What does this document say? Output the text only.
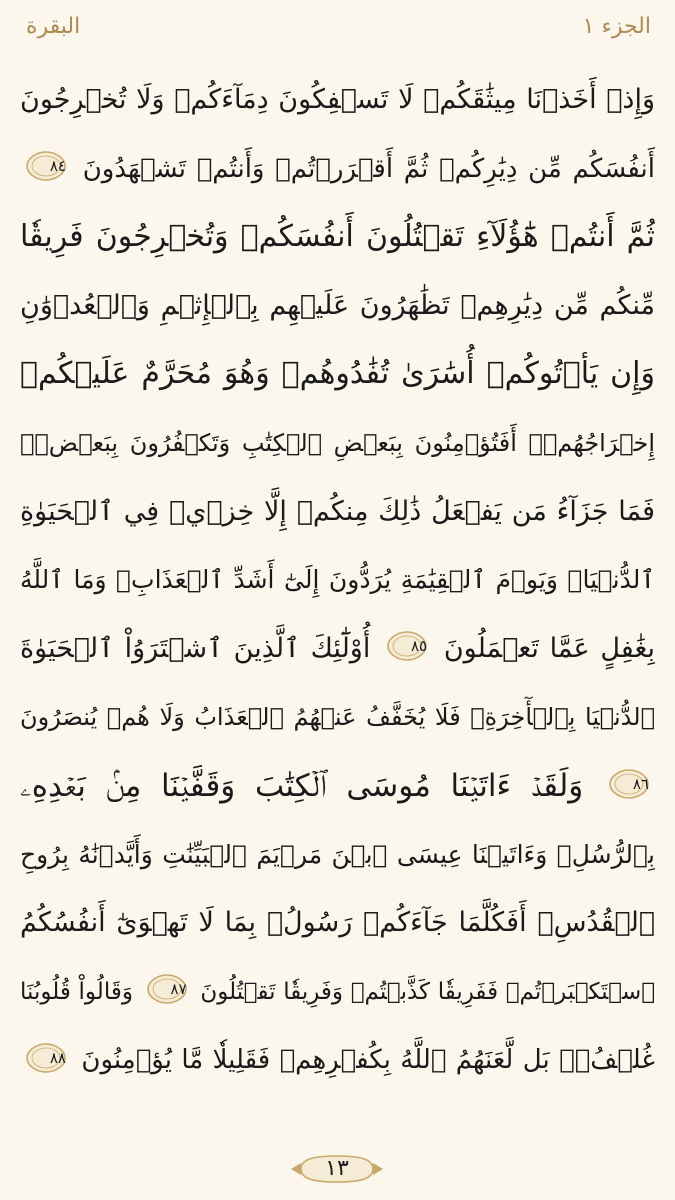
الجزء ١
البقرة
وَإِذۡ أَخَذۡنَا مِيثَٰقَكُمۡ لَا تَسۡفِكُونَ دِمَآءَكُمۡ وَلَا تُخۡرِجُونَ
أَنفُسَكُم مِّن دِيَٰرِكُمۡ ثُمَّ أَقۡرَرۡتُمۡ وَأَنتُمۡ تَشۡهَدُونَ
٨٤
ثُمَّ أَنتُمۡ هَٰٓؤُلَآءِ تَقۡتُلُونَ أَنفُسَكُمۡ وَتُخۡرِجُونَ فَرِيقٗا
مِّنكُم مِّن دِيَٰرِهِمۡ تَظَٰهَرُونَ عَلَيۡهِم بِٱلۡإِثۡمِ وَٱلۡعُدۡوَٰنِ
وَإِن يَأۡتُوكُمۡ أُسَٰرَىٰ تُفَٰدُوهُمۡ وَهُوَ مُحَرَّمٌ عَلَيۡكُمۡ
إِخۡرَاجُهُمۡۚ أَفَتُؤۡمِنُونَ بِبَعۡضِ ٱلۡكِتَٰبِ وَتَكۡفُرُونَ بِبَعۡضٖۚ
فَمَا جَزَآءُ مَن يَفۡعَلُ ذَٰلِكَ مِنكُمۡ إِلَّا خِزۡيٞ فِي ٱلۡحَيَوٰةِ
ٱلدُّنۡيَاۖ وَيَوۡمَ ٱلۡقِيَٰمَةِ يُرَدُّونَ إِلَىٰٓ أَشَدِّ ٱلۡعَذَابِۗ وَمَا ٱللَّهُ
بِغَٰفِلٍ عَمَّا تَعۡمَلُونَ
٨٥
أُوْلَٰٓئِكَ ٱلَّذِينَ ٱشۡتَرَوُاْ ٱلۡحَيَوٰةَ
ٱلدُّنۡيَا بِٱلۡأٓخِرَةِۖ فَلَا يُخَفَّفُ عَنۡهُمُ ٱلۡعَذَابُ وَلَا هُمۡ يُنصَرُونَ
٨٦
وَلَقَدۡ ءَاتَيۡنَا مُوسَى ٱلۡكِتَٰبَ وَقَفَّيۡنَا مِنۢ بَعۡدِهِۦ
بِٱلرُّسُلِۖ وَءَاتَيۡنَا عِيسَى ٱبۡنَ مَرۡيَمَ ٱلۡبَيِّنَٰتِ وَأَيَّدۡنَٰهُ بِرُوحِ
ٱلۡقُدُسِۗ أَفَكُلَّمَا جَآءَكُمۡ رَسُولُۢ بِمَا لَا تَهۡوَىٰٓ أَنفُسُكُمُ
ٱسۡتَكۡبَرۡتُمۡ فَفَرِيقٗا كَذَّبۡتُمۡ وَفَرِيقٗا تَقۡتُلُونَ
٨٧
وَقَالُواْ قُلُوبُنَا
غُلۡفُۢۚ بَل لَّعَنَهُمُ ٱللَّهُ بِكُفۡرِهِمۡ فَقَلِيلٗا مَّا يُؤۡمِنُونَ
٨٨
١٣
